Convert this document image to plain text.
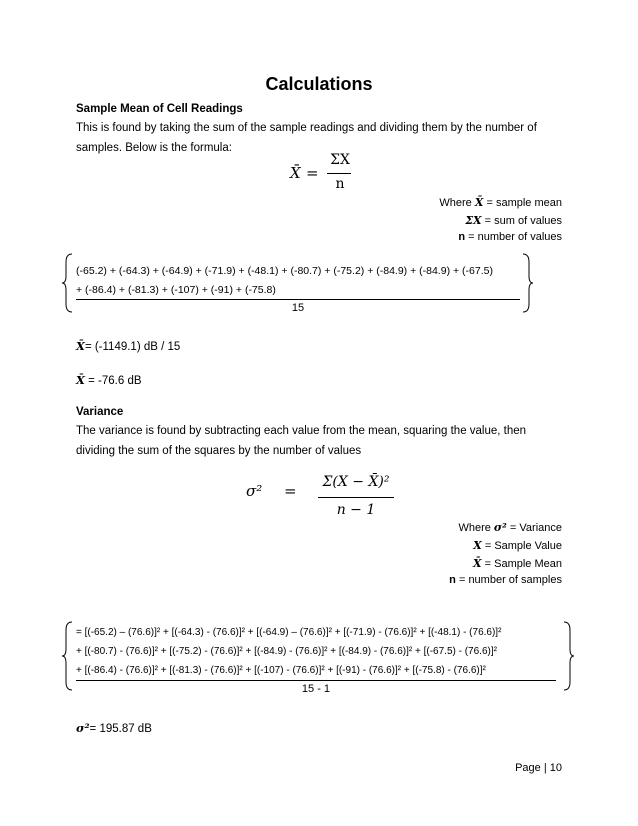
Calculations
Sample Mean of Cell Readings
This is found by taking the sum of the sample readings and dividing them by the number of
samples. Below is the formula:
X̄ =
ΣX
n
Where X̄ = sample mean
ΣX = sum of values
n = number of values
(-65.2) + (-64.3) + (-64.9) + (-71.9) + (-48.1) + (-80.7) + (-75.2) + (-84.9) + (-84.9) + (-67.5)
+ (-86.4) + (-81.3) + (-107) + (-91) + (-75.8)
15
X̄= (-1149.1) dB / 15
X̄ = -76.6 dB
Variance
The variance is found by subtracting each value from the mean, squaring the value, then
dividing the sum of the squares by the number of values
σ² =	Σ(X − X̄)²
n − 1
Where σ² = Variance
X = Sample Value
X̄ = Sample Mean
n = number of samples
= [(-65.2) – (76.6)]² + [(-64.3) - (76.6)]² + [(-64.9) – (76.6)]² + [(-71.9) - (76.6)]² + [(-48.1) - (76.6)]²
+ [(-80.7) - (76.6)]² + [(-75.2) - (76.6)]² + [(-84.9) - (76.6)]² + [(-84.9) - (76.6)]² + [(-67.5) - (76.6)]²
+ [(-86.4) - (76.6)]² + [(-81.3) - (76.6)]² + [(-107) - (76.6)]² + [(-91) - (76.6)]² + [(-75.8) - (76.6)]²
15 - 1
σ²= 195.87 dB
Page | 10
